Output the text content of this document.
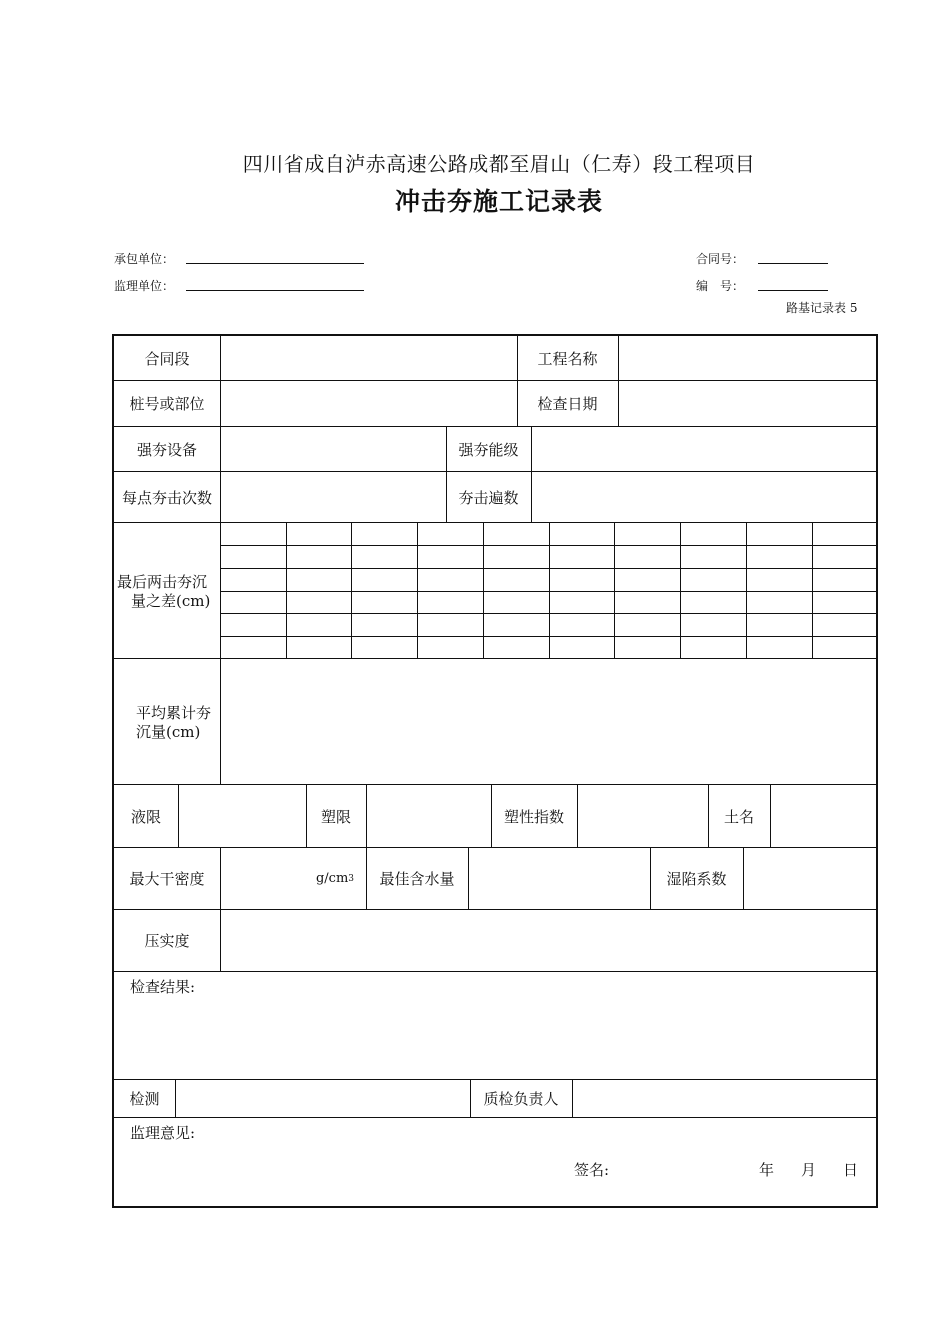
四川省成自泸赤高速公路成都至眉山（仁寿）段工程项目
冲击夯施工记录表
承包单位：
监理单位：
合同号：
编　号：
路基记录表 5
合同段	工程名称
桩号或部位	检查日期
强夯设备	强夯能级
每点夯击次数	夯击遍数
最后两击夯沉
量之差(cm)
平均累计夯
沉量(cm)
液限	塑限	塑性指数	土名
最大干密度	g/cm 3	最佳含水量	湿陷系数
压实度
检查结果:
检测	质检负责人
监理意见:
签名:	年 月 日
